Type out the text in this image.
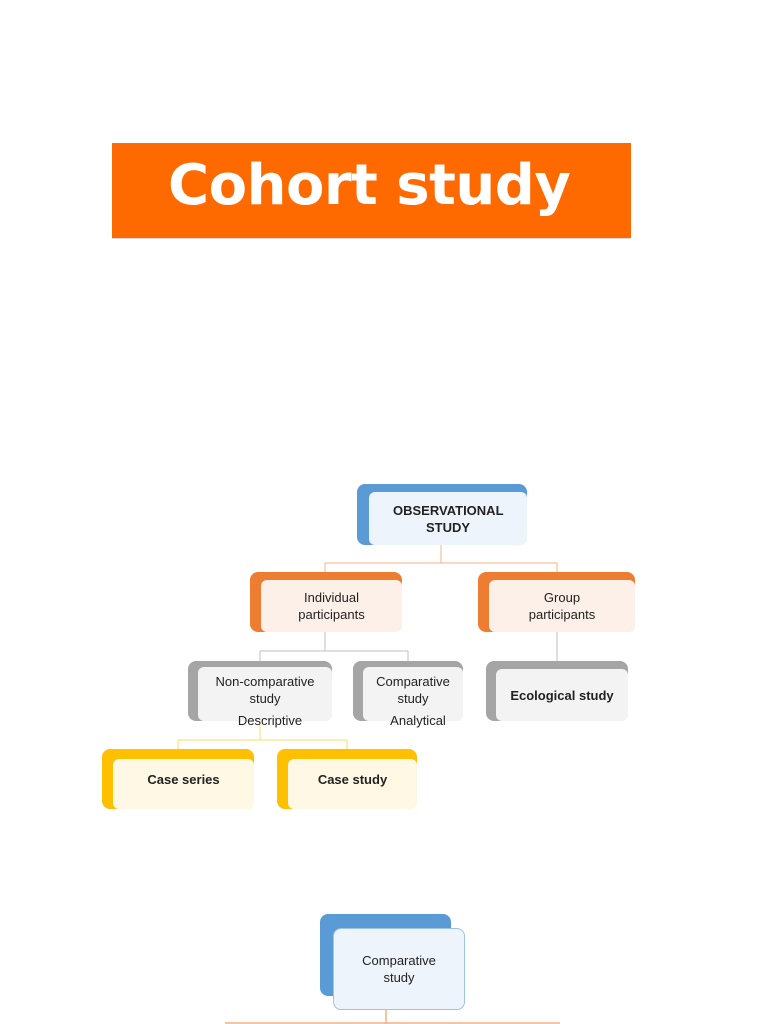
Cohort study
OBSERVATIONAL STUDY
Individual participants
Group participants
Non-comparative study
Descriptive
Comparative study
Analytical
Ecological study
Case series	Case study
Comparative study
